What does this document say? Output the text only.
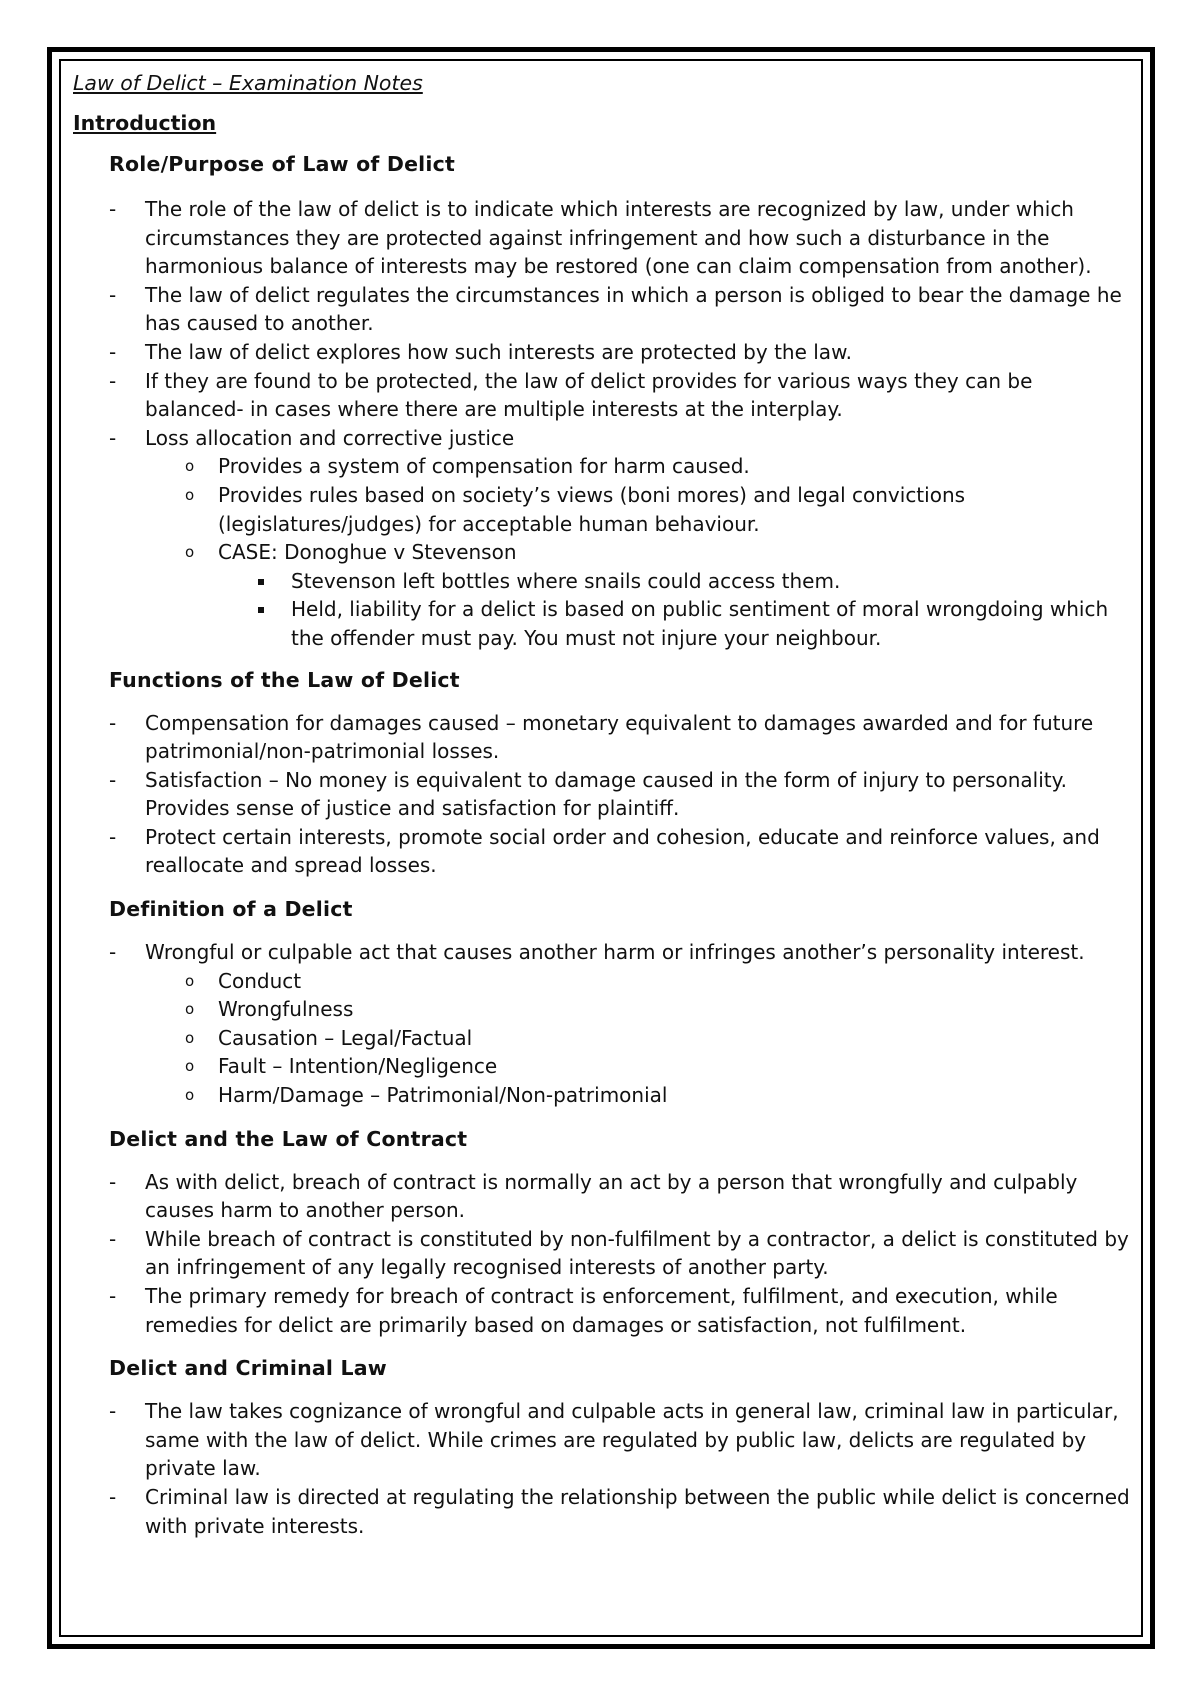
Law of Delict – Examination Notes
Introduction
Role/Purpose of Law of Delict
- The role of the law of delict is to indicate which interests are recognized by law, under which circumstances they are protected against infringement and how such a disturbance in the harmonious balance of interests may be restored (one can claim compensation from another).
- The law of delict regulates the circumstances in which a person is obliged to bear the damage he has caused to another.
- The law of delict explores how such interests are protected by the law.
- If they are found to be protected, the law of delict provides for various ways they can be balanced- in cases where there are multiple interests at the interplay.
- Loss allocation and corrective justice
o Provides a system of compensation for harm caused.
o Provides rules based on society’s views (boni mores) and legal convictions (legislatures/judges) for acceptable human behaviour.
o CASE: Donoghue v Stevenson
Stevenson left bottles where snails could access them.
Held, liability for a delict is based on public sentiment of moral wrongdoing which the offender must pay. You must not injure your neighbour.
Functions of the Law of Delict
- Compensation for damages caused – monetary equivalent to damages awarded and for future patrimonial/non-patrimonial losses.
- Satisfaction – No money is equivalent to damage caused in the form of injury to personality. Provides sense of justice and satisfaction for plaintiff.
- Protect certain interests, promote social order and cohesion, educate and reinforce values, and reallocate and spread losses.
Definition of a Delict
- Wrongful or culpable act that causes another harm or infringes another’s personality interest.
o Conduct
o Wrongfulness
o Causation – Legal/Factual
o Fault – Intention/Negligence
o Harm/Damage – Patrimonial/Non-patrimonial
Delict and the Law of Contract
- As with delict, breach of contract is normally an act by a person that wrongfully and culpably causes harm to another person.
- While breach of contract is constituted by non-fulfilment by a contractor, a delict is constituted by an infringement of any legally recognised interests of another party.
- The primary remedy for breach of contract is enforcement, fulfilment, and execution, while remedies for delict are primarily based on damages or satisfaction, not fulfilment.
Delict and Criminal Law
- The law takes cognizance of wrongful and culpable acts in general law, criminal law in particular, same with the law of delict. While crimes are regulated by public law, delicts are regulated by private law.
- Criminal law is directed at regulating the relationship between the public while delict is concerned with private interests.
